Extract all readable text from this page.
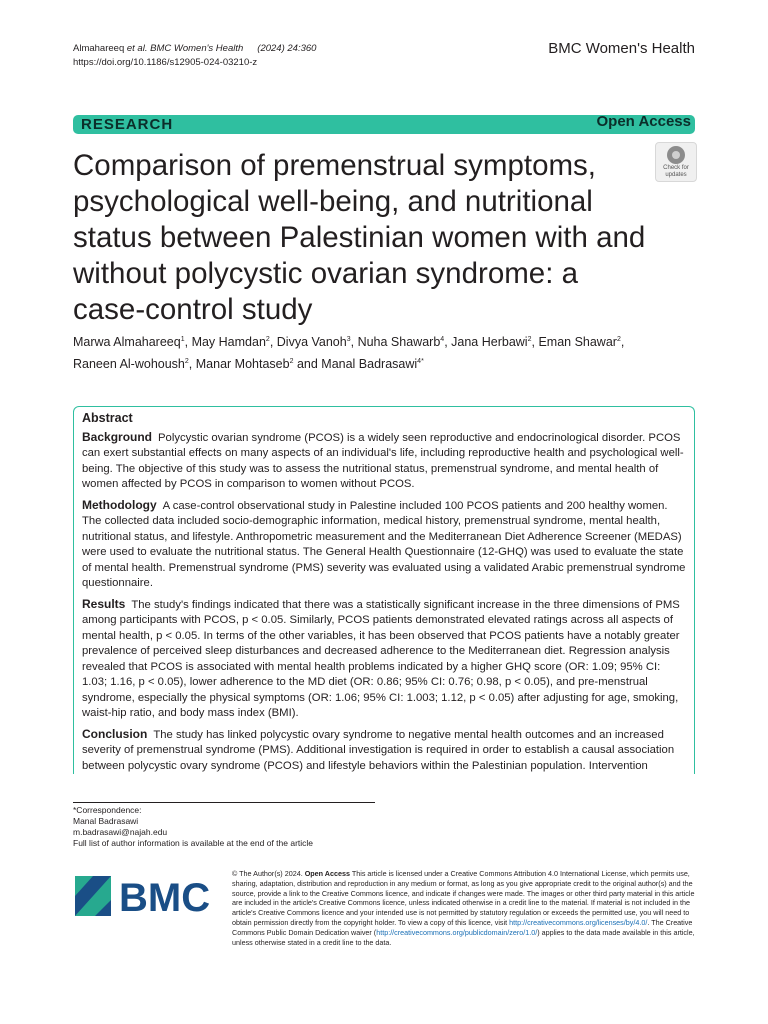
Almahareeq et al. BMC Women's Health (2024) 24:360
https://doi.org/10.1186/s12905-024-03210-z
BMC Women's Health
RESEARCH	Open Access
Check for
updates
Comparison of premenstrual symptoms, psychological well-being, and nutritional status between Palestinian women with and without polycystic ovarian syndrome: a case-control study
Marwa Almahareeq$^1$, May Hamdan$^2$, Divya Vanoh$^3$, Nuha Shawarb$^4$, Jana Herbawi$^2$, Eman Shawar$^2$,
Raneen Al-wohoush$^2$, Manar Mohtaseb$^2$ and Manal Badrasawi$^{4*}$
Abstract

Background Polycystic ovarian syndrome (PCOS) is a widely seen reproductive and endocrinological disorder. PCOS can exert substantial effects on many aspects of an individual's life, including reproductive health and psychological well-being. The objective of this study was to assess the nutritional status, premenstrual syndrome, and mental health of women affected by PCOS in comparison to women without PCOS.

Methodology A case-control observational study in Palestine included 100 PCOS patients and 200 healthy women. The collected data included socio-demographic information, medical history, premenstrual syndrome, mental health, nutritional status, and lifestyle. Anthropometric measurement and the Mediterranean Diet Adherence Screener (MEDAS) were used to evaluate the nutritional status. The General Health Questionnaire (12-GHQ) was used to evaluate the state of mental health. Premenstrual syndrome (PMS) severity was evaluated using a validated Arabic premenstrual syndrome questionnaire.

Results The study's findings indicated that there was a statistically significant increase in the three dimensions of PMS among participants with PCOS, p < 0.05. Similarly, PCOS patients demonstrated elevated ratings across all aspects of mental health, p < 0.05. In terms of the other variables, it has been observed that PCOS patients have a notably greater prevalence of perceived sleep disturbances and decreased adherence to the Mediterranean diet. Regression analysis revealed that PCOS is associated with mental health problems indicated by a higher GHQ score (OR: 1.09; 95% CI: 1.03; 1.16, p < 0.05), lower adherence to the MD diet (OR: 0.86; 95% CI: 0.76; 0.98, p < 0.05), and pre-menstrual syndrome, especially the physical symptoms (OR: 1.06; 95% CI: 1.003; 1.12, p < 0.05) after adjusting for age, smoking, waist-hip ratio, and body mass index (BMI).

Conclusion The study has linked polycystic ovary syndrome to negative mental health outcomes and an increased severity of premenstrual syndrome (PMS). Additional investigation is required in order to establish a causal association between polycystic ovary syndrome (PCOS) and lifestyle behaviors within the Palestinian population. Intervention

*Correspondence:
Manal Badrasawi
m.badrasawi@najah.edu
Full list of author information is available at the end of the article
BMC
© The Author(s) 2024. Open Access This article is licensed under a Creative Commons Attribution 4.0 International License, which permits use, sharing, adaptation, distribution and reproduction in any medium or format, as long as you give appropriate credit to the original author(s) and the source, provide a link to the Creative Commons licence, and indicate if changes were made. The images or other third party material in this article are included in the article's Creative Commons licence, unless indicated otherwise in a credit line to the material. If material is not included in the article's Creative Commons licence and your intended use is not permitted by statutory regulation or exceeds the permitted use, you will need to obtain permission directly from the copyright holder. To view a copy of this licence, visit http://creativecommons.org/licenses/by/4.0/. The Creative Commons Public Domain Dedication waiver (http://creativecommons.org/publicdomain/zero/1.0/) applies to the data made available in this article, unless otherwise stated in a credit line to the data.
